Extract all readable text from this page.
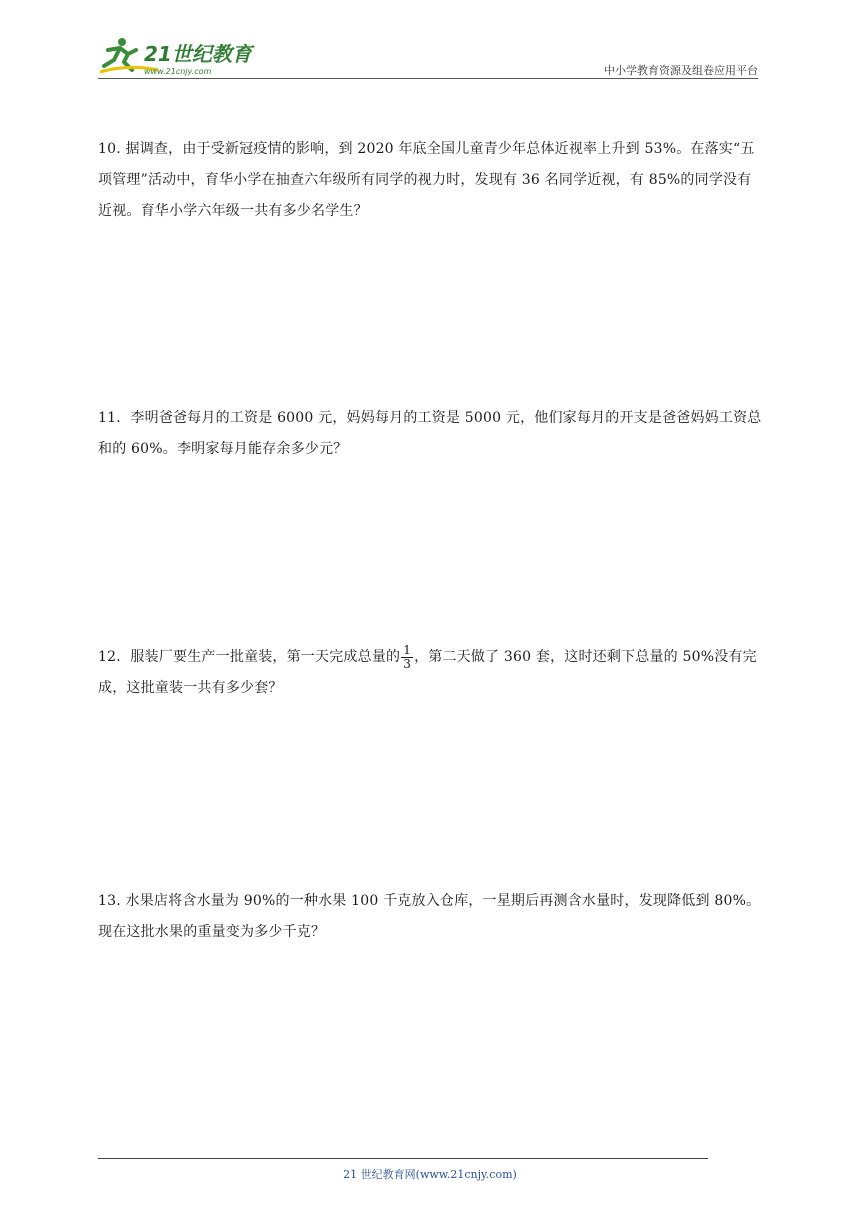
21世纪教育
www.21cnjy.com	中小学教育资源及组卷应用平台
10. 据调查，由于受新冠疫情的影响，到 2020 年底全国儿童青少年总体近视率上升到 53%。在落实“五项管理”活动中，育华小学在抽查六年级所有同学的视力时，发现有 36 名同学近视，有 85%的同学没有近视。育华小学六年级一共有多少名学生？
11．李明爸爸每月的工资是 6000 元，妈妈每月的工资是 5000 元，他们家每月的开支是爸爸妈妈工资总和的 60%。李明家每月能存余多少元？
12．服装厂要生产一批童装，第一天完成总量的 $\frac{1}{3}$ ，第二天做了 360 套，这时还剩下总量的 50%没有完成，这批童装一共有多少套？
13. 水果店将含水量为 90%的一种水果 100 千克放入仓库，一星期后再测含水量时，发现降低到 80%。现在这批水果的重量变为多少千克？
21 世纪教育网(www.21cnjy.com)
